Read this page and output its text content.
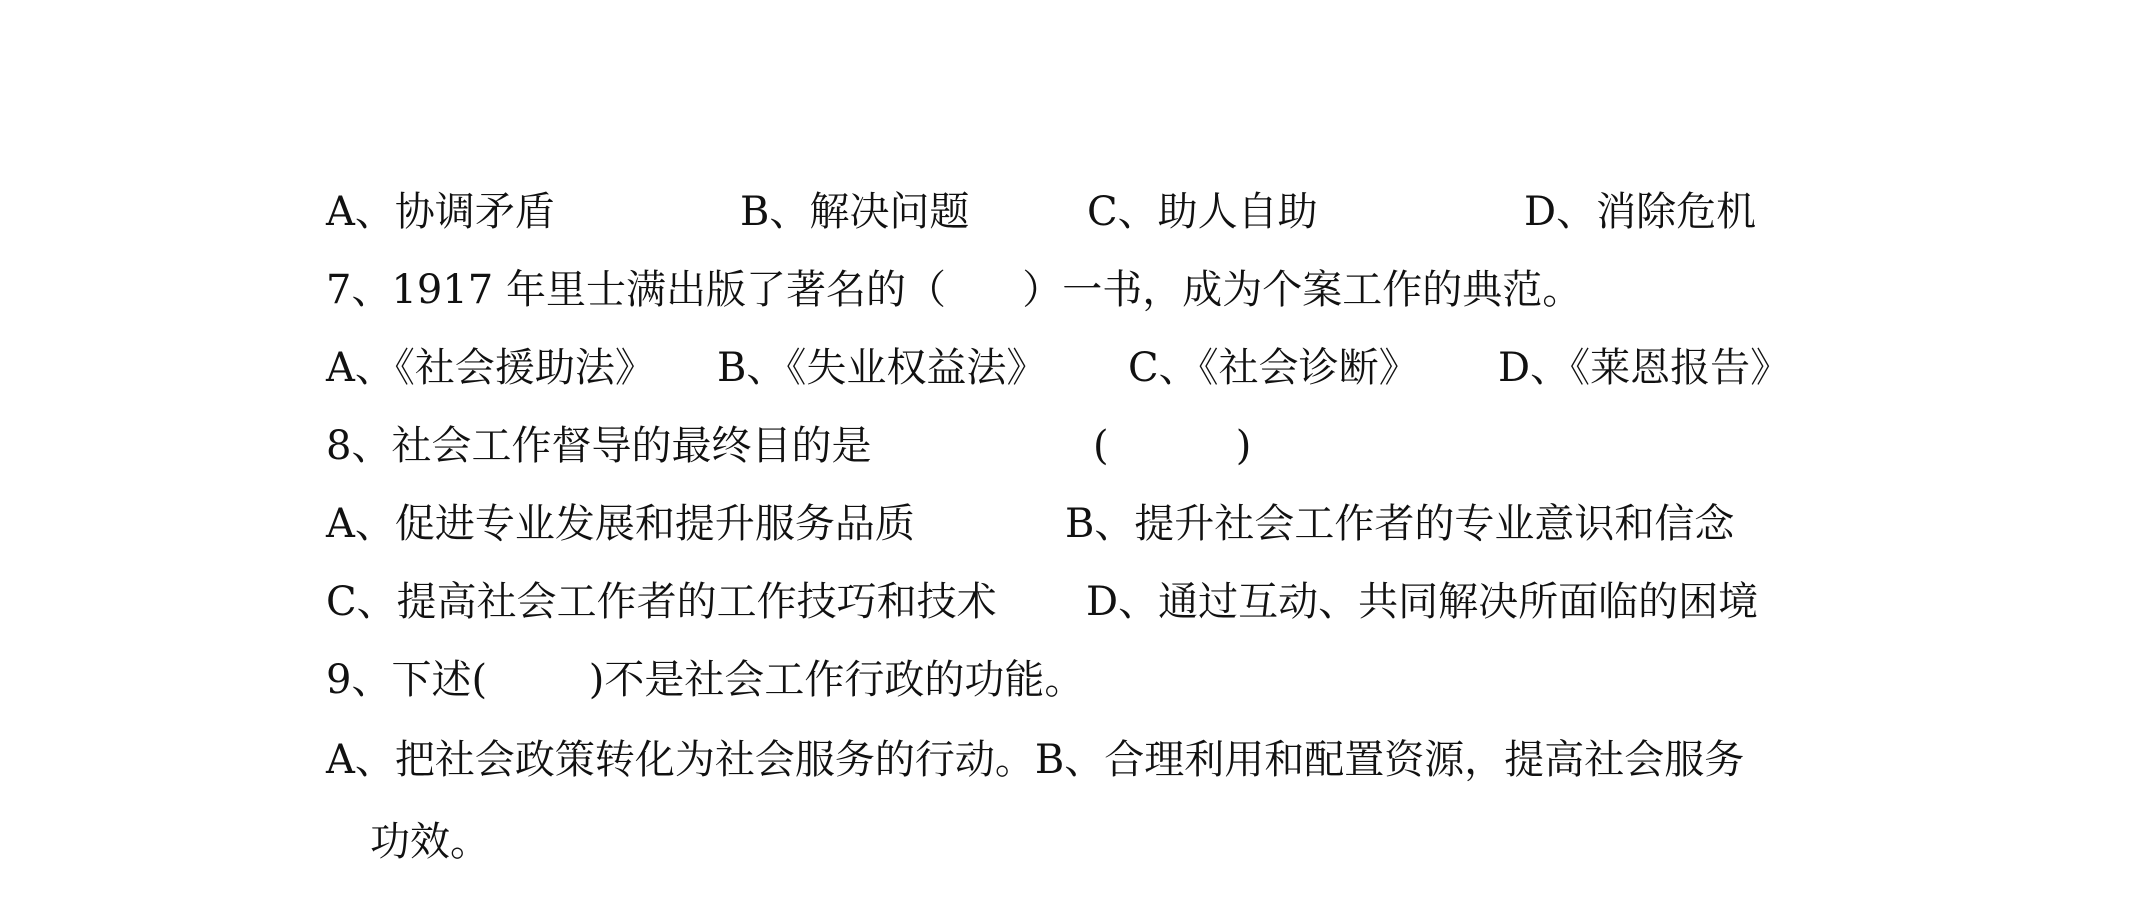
A、协调矛盾	B、解决问题	C、助人自助	D、消除危机
7、1917 年里士满出版了著名的（      ）一书，成为个案工作的典范。
A、《社会援助法》 B、《失业权益法》 C、《社会诊断》 D、《莱恩报告》
8、社会工作督导的最终目的是	(          )
A、促进专业发展和提升服务品质	B、提升社会工作者的专业意识和信念
C、提高社会工作者的工作技巧和技术 D、通过互动、共同解决所面临的困境
9、下述(        )不是社会工作行政的功能。
A、把社会政策转化为社会服务的行动。B、合理利用和配置资源，提高社会服务
功效。
